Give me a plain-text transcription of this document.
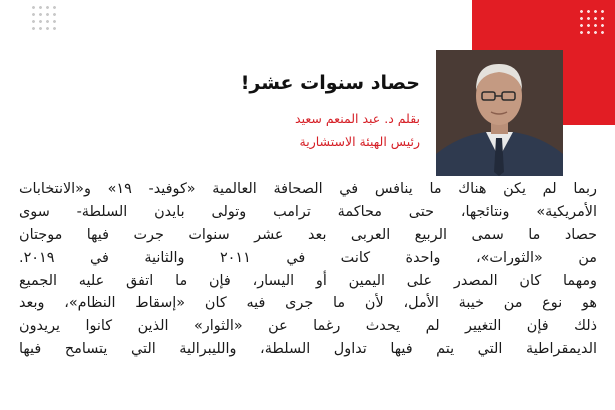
حصاد سنوات عشر!
بقلم د. عبد المنعم سعيد
رئيس الهيئة الاستشارية
ربما لم يكن هناك ما ينافس في الصحافة العالمية «كوفيد- ١٩» و«الانتخابات
الأمريكية» ونتائجها، حتى محاكمة ترامب وتولى بايدن السلطة- سوى
حصاد ما سمى الربيع العربى بعد عشر سنوات جرت فيها موجتان
من «الثورات»، واحدة كانت في ٢٠١١ والثانية في ٢٠١٩.
ومهما كان المصدر على اليمين أو اليسار، فإن ما اتفق عليه الجميع
هو نوع من خيبة الأمل، لأن ما جرى فيه كان «إسقاط النظام»، وبعد
ذلك فإن التغيير لم يحدث رغما عن «الثوار» الذين كانوا يريدون
الديمقراطية التي يتم فيها تداول السلطة، والليبرالية التي يتسامح فيها
